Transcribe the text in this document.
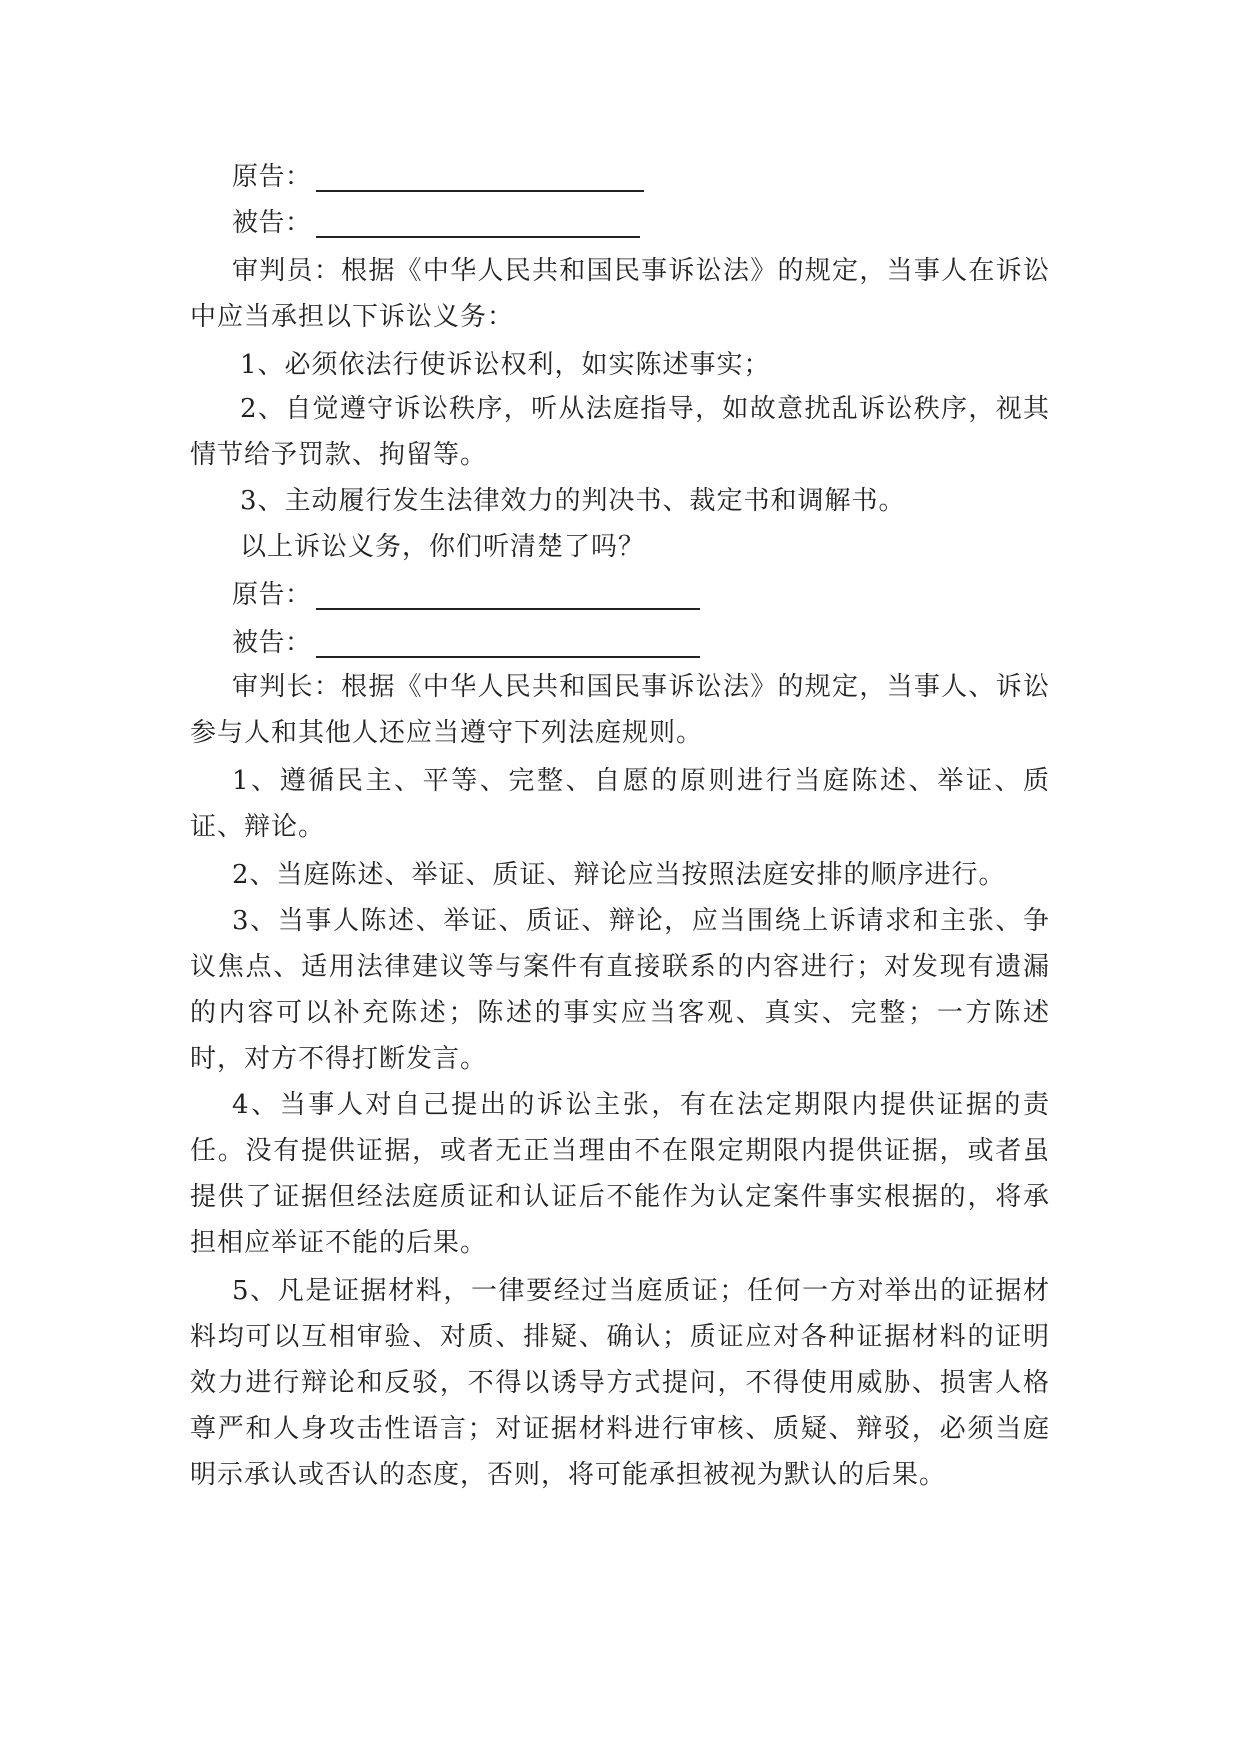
原告：
被告：
审判员：根据《中华人民共和国民事诉讼法》的规定，当事人在诉讼中应当承担以下诉讼义务：
1、必须依法行使诉讼权利，如实陈述事实；
2、自觉遵守诉讼秩序，听从法庭指导，如故意扰乱诉讼秩序，视其情节给予罚款、拘留等。
3、主动履行发生法律效力的判决书、裁定书和调解书。
以上诉讼义务，你们听清楚了吗？
原告：
被告：
审判长：根据《中华人民共和国民事诉讼法》的规定，当事人、诉讼参与人和其他人还应当遵守下列法庭规则。
1、遵循民主、平等、完整、自愿的原则进行当庭陈述、举证、质证、辩论。
2、当庭陈述、举证、质证、辩论应当按照法庭安排的顺序进行。
3、当事人陈述、举证、质证、辩论，应当围绕上诉请求和主张、争议焦点、适用法律建议等与案件有直接联系的内容进行；对发现有遗漏的内容可以补充陈述；陈述的事实应当客观、真实、完整；一方陈述时，对方不得打断发言。
4、当事人对自己提出的诉讼主张，有在法定期限内提供证据的责任。没有提供证据，或者无正当理由不在限定期限内提供证据，或者虽提供了证据但经法庭质证和认证后不能作为认定案件事实根据的，将承担相应举证不能的后果。
5、凡是证据材料，一律要经过当庭质证；任何一方对举出的证据材料均可以互相审验、对质、排疑、确认；质证应对各种证据材料的证明效力进行辩论和反驳，不得以诱导方式提问，不得使用威胁、损害人格尊严和人身攻击性语言；对证据材料进行审核、质疑、辩驳，必须当庭明示承认或否认的态度，否则，将可能承担被视为默认的后果。
